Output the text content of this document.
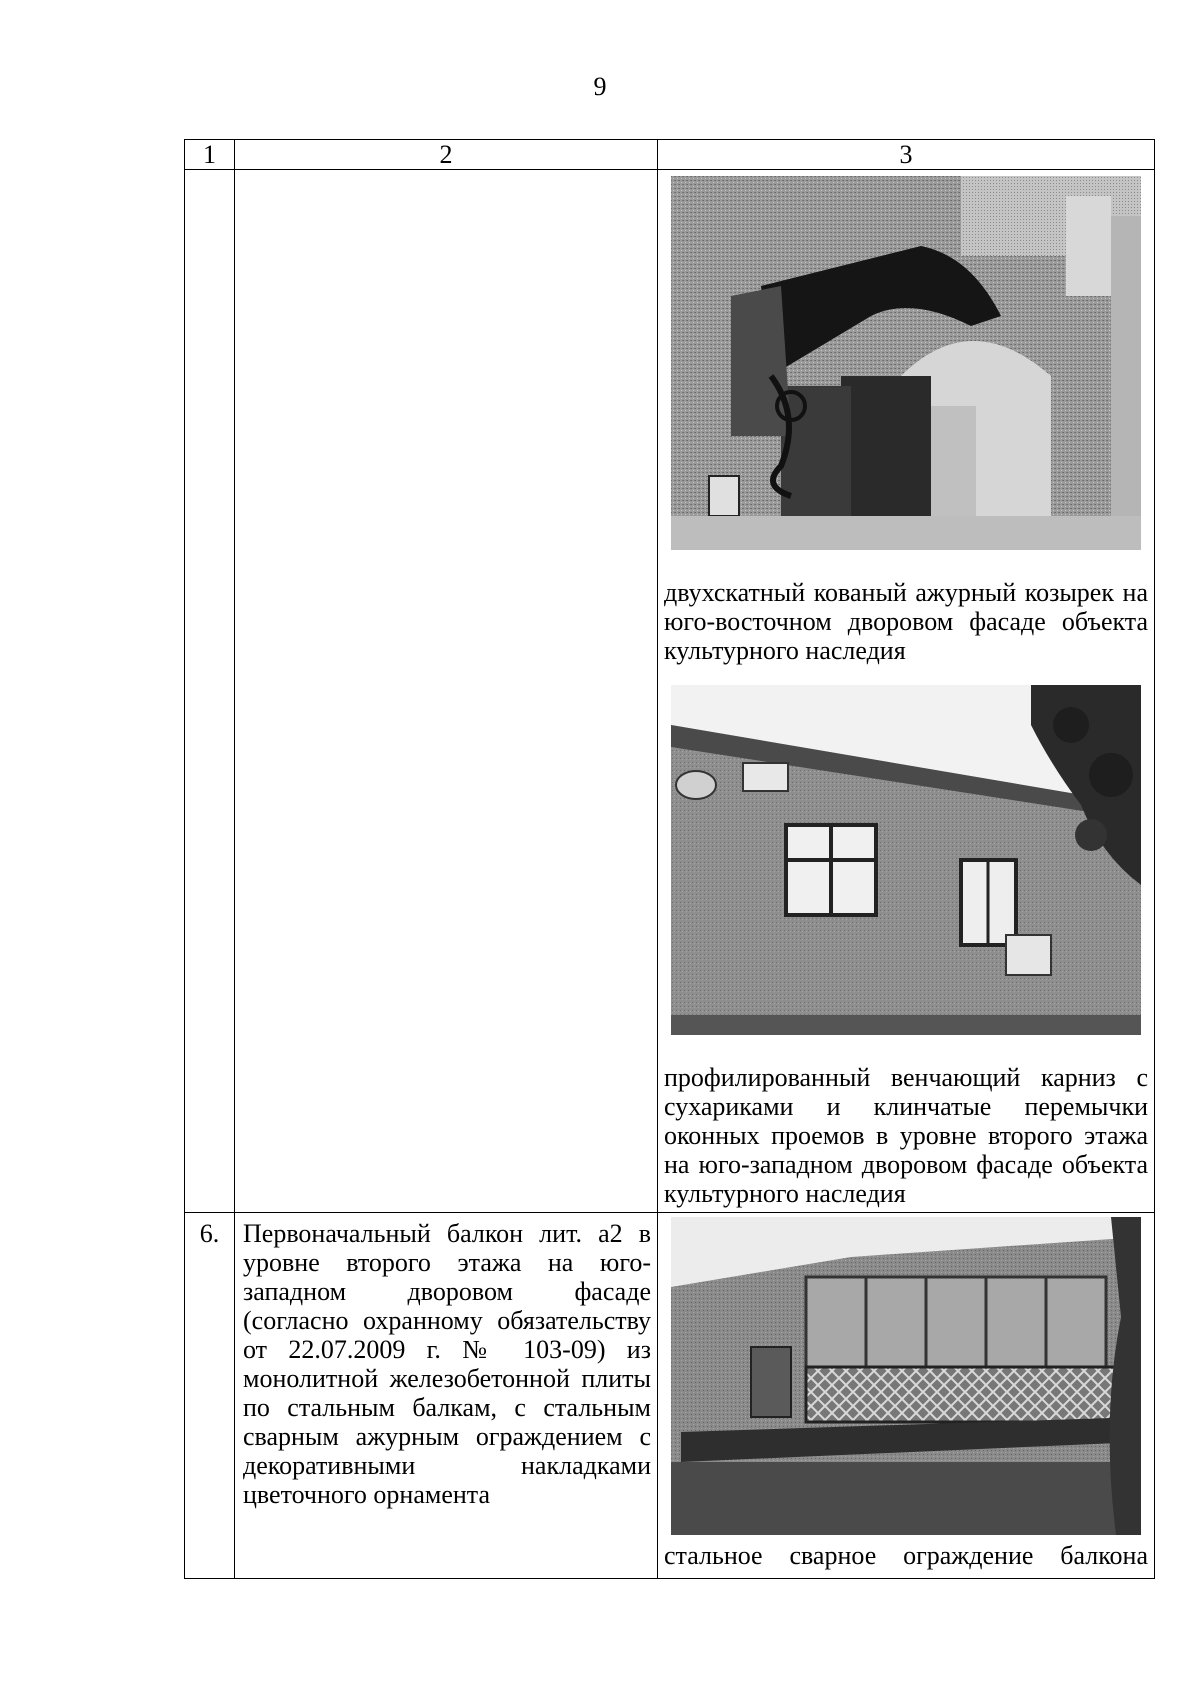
9
1	2	3

		двухскатный кованый ажурный козырек на юго-восточном дворовом фасаде объекта культурного наследия
профилированный венчающий карниз с сухариками и клинчатые перемычки оконных проемов в уровне второго этажа на юго-западном дворовом фасаде объекта культурного наследия

6.	Первоначальный балкон лит. а2 в уровне второго этажа на юго-западном дворовом фасаде (согласно охранному обязательству от 22.07.2009 г. № 103-09) из монолитной железобетонной плиты по стальным балкам, с стальным сварным ажурным ограждением с декоративными накладками цветочного орнамента	стальное сварное ограждение балкона
